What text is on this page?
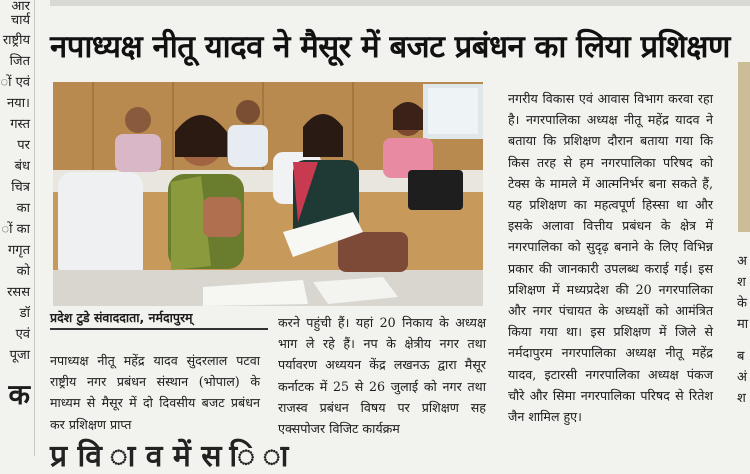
आर
चार्य
राष्ट्रीय
जित
ों एवं
नया।
गस्त
पर
बंध
चित्र
का
ों का
गगृत
को
रसस
डॉ
एवं
पूजा
क
नपाध्यक्ष नीतू यादव ने मैसूर में बजट प्रबंधन का लिया प्रशिक्षण
अ
श
के
मा
ब
अं
श
प्रदेश टुडे संवाददाता, नर्मदापुरम्

नपाध्यक्ष नीतू महेंद्र यादव सुंदरलाल पटवा राष्ट्रीय नगर प्रबंधन संस्थान (भोपाल) के माध्यम से मैसूर में दो दिवसीय बजट प्रबंधन कर प्रशिक्षण प्राप्त

करने पहुंची हैं। यहां 20 निकाय के अध्यक्ष भाग ले रहे हैं। नप के क्षेत्रीय नगर तथा पर्यावरण अध्ययन केंद्र लखनऊ द्वारा मैसूर कर्नाटक में 25 से 26 जुलाई को नगर तथा राजस्व प्रबंधन विषय पर प्रशिक्षण सह एक्सपोजर विजिट कार्यक्रम

नगरीय विकास एवं आवास विभाग करवा रहा है। नगरपालिका अध्यक्ष नीतू महेंद्र यादव ने बताया कि प्रशिक्षण दौरान बताया गया कि किस तरह से हम नगरपालिका परिषद को टेक्स के मामले में आत्मनिर्भर बना सकते हैं, यह प्रशिक्षण का महत्वपूर्ण हिस्सा था और इसके अलावा वित्तीय प्रबंधन के क्षेत्र में नगरपालिका को सुदृढ़ बनाने के लिए विभिन्न प्रकार की जानकारी उपलब्ध कराई गई। इस प्रशिक्षण में मध्यप्रदेश की 20 नगरपालिका और नगर पंचायत के अध्यक्षों को आमंत्रित किया गया था। इस प्रशिक्षण में जिले से नर्मदापुरम नगरपालिका अध्यक्ष नीतू महेंद्र यादव, इटारसी नगरपालिका अध्यक्ष पंकज चौरे और सिमा नगरपालिका परिषद से रितेश जैन शामिल हुए।

प्र वि ा व में स ि ा
